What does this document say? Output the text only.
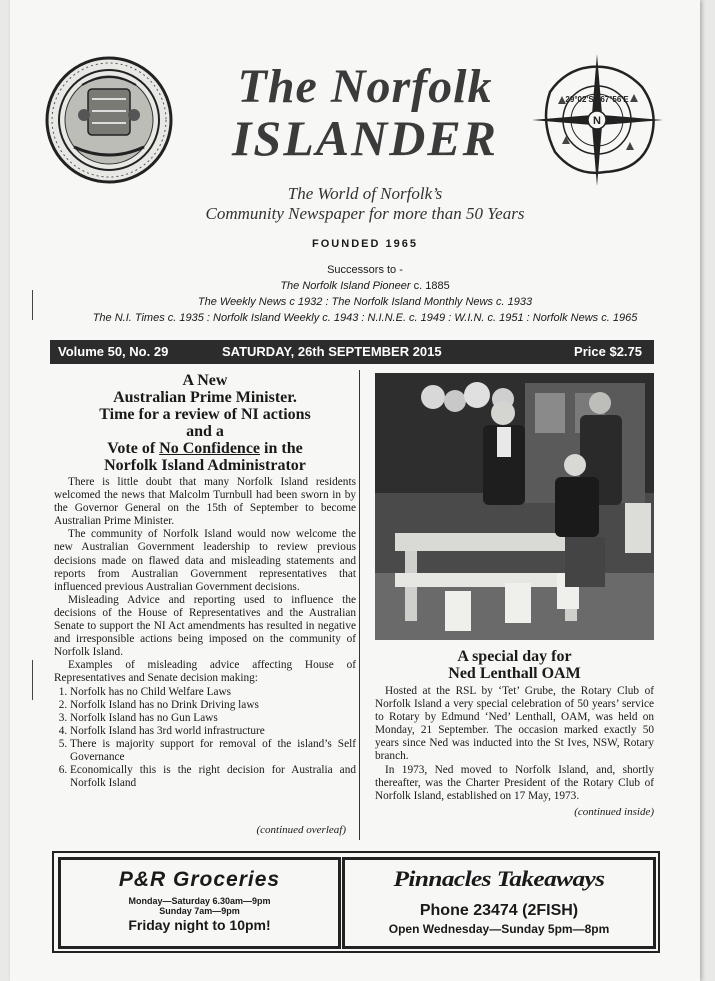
N
29°02'S 167°56'E
The Norfolk
ISLANDER
The World of Norfolk’s
Community Newspaper for more than 50 Years
FOUNDED 1965
Successors to -
The Norfolk Island Pioneer c. 1885
The Weekly News c 1932 : The Norfolk Island Monthly News c. 1933
The N.I. Times c. 1935 : Norfolk Island Weekly c. 1943 : N.I.N.E. c. 1949 : W.I.N. c. 1951 : Norfolk News c. 1965
Volume 50, No. 29	SATURDAY, 26th SEPTEMBER 2015	Price $2.75
A New
Australian Prime Minister.
Time for a review of NI actions
and a
Vote of No Confidence in the
Norfolk Island Administrator

There is little doubt that many Norfolk Island residents welcomed the news that Malcolm Turnbull had been sworn in by the Governor General on the 15th of September to become Australian Prime Minister.

The community of Norfolk Island would now welcome the new Australian Government leadership to review previous decisions made on flawed data and misleading statements and reports from Australian Government representatives that influenced previous Australian Government decisions.

Misleading Advice and reporting used to influence the decisions of the House of Representatives and the Australian Senate to support the NI Act amendments has resulted in negative and irresponsible actions being imposed on the community of Norfolk Island.

Examples of misleading advice affecting House of Representatives and Senate decision making:

1. Norfolk has no Child Welfare Laws
2. Norfolk Island has no Drink Driving laws
3. Norfolk Island has no Gun Laws
4. Norfolk Island has 3rd world infrastructure
5. There is majority support for removal of the island’s Self Governance
6. Economically this is the right decision for Australia and Norfolk Island
(continued overleaf)
A special day for
Ned Lenthall OAM

Hosted at the RSL by ‘Tet’ Grube, the Rotary Club of Norfolk Island a very special celebration of 50 years’ service to Rotary by Edmund ‘Ned’ Lenthall, OAM, was held on Monday, 21 September. The occasion marked exactly 50 years since Ned was inducted into the St Ives, NSW, Rotary branch.

In 1973, Ned moved to Norfolk Island, and, shortly thereafter, was the Charter President of the Rotary Club of Norfolk Island, established on 17 May, 1973.

(continued inside)
P&R Groceries
Monday—Saturday 6.30am—9pm
Sunday 7am—9pm
Friday night to 10pm!
Pinnacles Takeaways
Phone 23474 (2FISH)
Open Wednesday—Sunday 5pm—8pm
